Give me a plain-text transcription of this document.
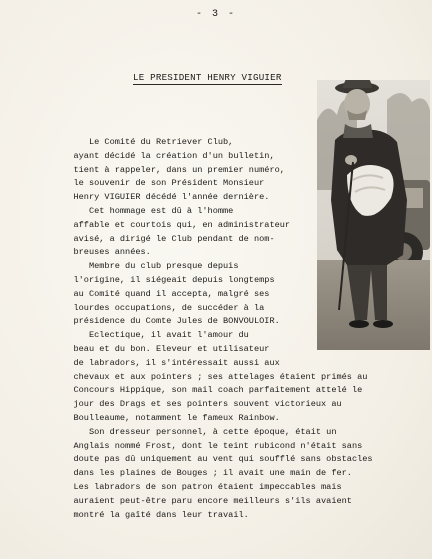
- 3 -
LE PRESIDENT HENRY VIGUIER
Le Comité du Retriever Club,
ayant décidé la création d'un bulletin,
tient à rappeler, dans un premier numéro,
le souvenir de son Président Monsieur
Henry VIGUIER décédé l'année dernière.
Cet hommage est dû à l'homme
affable et courtois qui, en administrateur
avisé, a dirigé le Club pendant de nom-
breuses années.
Membre du club presque depuis
l'origine, il siégeait depuis longtemps
au Comité quand il accepta, malgré ses
lourdes occupations, de succéder à la
présidence du Comte Jules de BONVOULOIR.
Eclectique, il avait l'amour du
beau et du bon. Eleveur et utilisateur
de labradors, il s'intéressait aussi aux
chevaux et aux pointers ; ses attelages étaient primés au
Concours Hippique, son mail coach parfaitement attelé le
jour des Drags et ses pointers souvent victorieux au
Boulleaume, notamment le fameux Rainbow.
Son dresseur personnel, à cette époque, était un
Anglais nommé Frost, dont le teint rubicond n'était sans
doute pas dû uniquement au vent qui soufflé sans obstacles
dans les plaines de Bouges ; il avait une main de fer.
Les labradors de son patron étaient impeccables mais
auraient peut-être paru encore meilleurs s'ils avaient
montré la gaîté dans leur travail.
